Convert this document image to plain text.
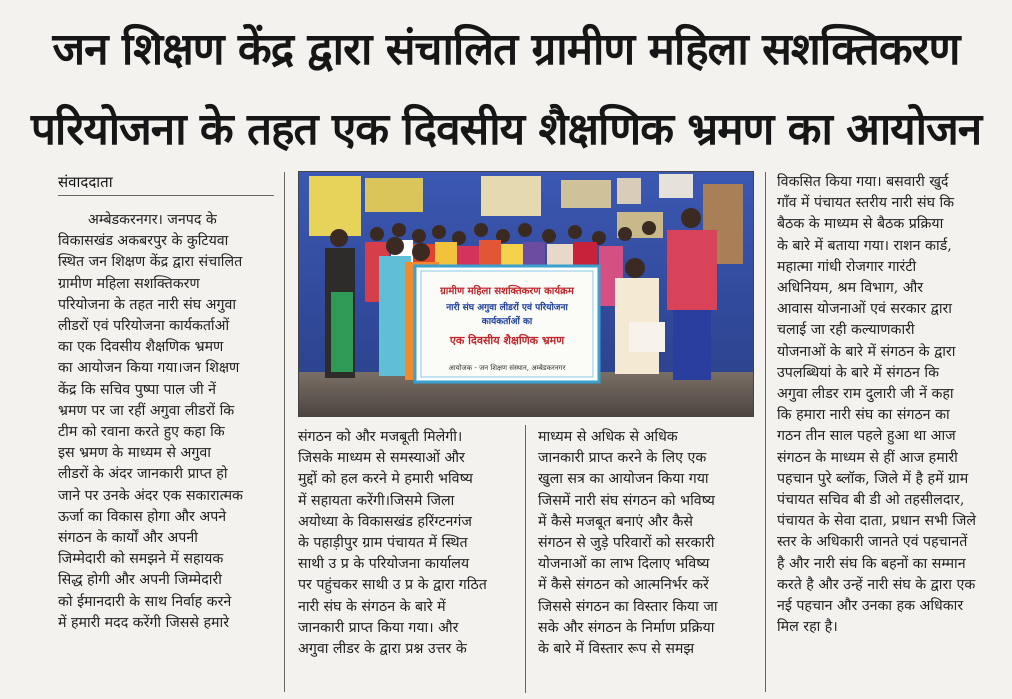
जन शिक्षण केंद्र द्वारा संचालित ग्रामीण महिला सशक्तिकरण
परियोजना के तहत एक दिवसीय शैक्षणिक भ्रमण का आयोजन
संवाददाता
ग्रामीण महिला सशक्तिकरण कार्यक्रम
नारी संघ अगुवा लीडरों एवं परियोजना
कार्यकर्ताओं का
एक दिवसीय शैक्षणिक भ्रमण
आयोजक - जन शिक्षण संस्थान, अम्बेडकरनगर
अम्बेडकरनगर। जनपद के
विकासखंड अकबरपुर के कुटियवा
स्थित जन शिक्षण केंद्र द्वारा संचालित
ग्रामीण महिला सशक्तिकरण
परियोजना के तहत नारी संघ अगुवा
लीडरों एवं परियोजना कार्यकर्ताओं
का एक दिवसीय शैक्षणिक भ्रमण
का आयोजन किया गया।जन शिक्षण
केंद्र कि सचिव पुष्पा पाल जी नें
भ्रमण पर जा रहीं अगुवा लीडरों कि
टीम को रवाना करते हुए कहा कि
इस भ्रमण के माध्यम से अगुवा
लीडरों के अंदर जानकारी प्राप्त हो
जाने पर उनके अंदर एक सकारात्मक
ऊर्जा का विकास होगा और अपने
संगठन के कार्यों और अपनी
जिम्मेदारी को समझने में सहायक
सिद्ध होगी और अपनी जिम्मेदारी
को ईमानदारी के साथ निर्वाह करने
में हमारी मदद करेंगी जिससे हमारे
संगठन को और मजबूती मिलेगी।
जिसके माध्यम से समस्याओं और
मुद्दों को हल करने मे हमारी भविष्य
में सहायता करेंगी।जिसमे जिला
अयोध्या के विकासखंड हरिंग्टनगंज
के पहाड़ीपुर ग्राम पंचायत में स्थित
साथी उ प्र के परियोजना कार्यालय
पर पहुंचकर साथी उ प्र के द्वारा गठित
नारी संघ के संगठन के बारे में
जानकारी प्राप्त किया गया। और
अगुवा लीडर के द्वारा प्रश्न उत्तर के
माध्यम से अधिक से अधिक
जानकारी प्राप्त करने के लिए एक
खुला सत्र का आयोजन किया गया
जिसमें नारी संघ संगठन को भविष्य
में कैसे मजबूत बनाएं और कैसे
संगठन से जुड़े परिवारों को सरकारी
योजनाओं का लाभ दिलाए भविष्य
में कैसे संगठन को आत्मनिर्भर करें
जिससे संगठन का विस्तार किया जा
सके और संगठन के निर्माण प्रक्रिया
के बारे में विस्तार रूप से समझ
विकसित किया गया। बसवारी खुर्द
गाँव में पंचायत स्तरीय नारी संघ कि
बैठक के माध्यम से बैठक प्रक्रिया
के बारे में बताया गया। राशन कार्ड,
महात्मा गांधी रोजगार गारंटी
अधिनियम, श्रम विभाग, और
आवास योजनाओं एवं सरकार द्वारा
चलाई जा रही कल्याणकारी
योजनाओं के बारे में संगठन के द्वारा
उपलब्धियां के बारे में संगठन कि
अगुवा लीडर राम दुलारी जी नें कहा
कि हमारा नारी संघ का संगठन का
गठन तीन साल पहले हुआ था आज
संगठन के माध्यम से हीं आज हमारी
पहचान पुरे ब्लॉक, जिले में है हमें ग्राम
पंचायत सचिव बी डी ओ तहसीलदार,
पंचायत के सेवा दाता, प्रधान सभी जिले
स्तर के अधिकारी जानते एवं पहचानतें
है और नारी संघ कि बहनों का सम्मान
करते है और उन्हें नारी संघ के द्वारा एक
नई पहचान और उनका हक अधिकार
मिल रहा है।
